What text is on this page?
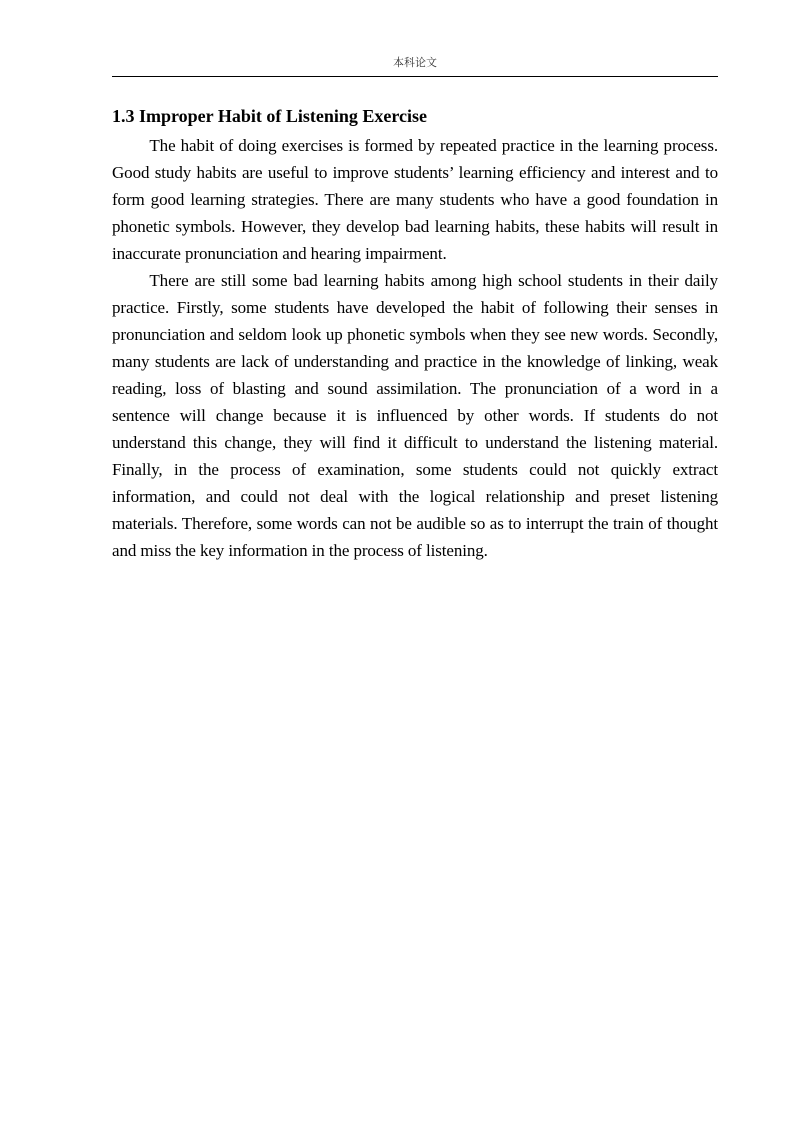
本科论文
1.3 Improper Habit of Listening Exercise

The habit of doing exercises is formed by repeated practice in the learning process. Good study habits are useful to improve students’ learning efficiency and interest and to form good learning strategies. There are many students who have a good foundation in phonetic symbols. However, they develop bad learning habits, these habits will result in inaccurate pronunciation and hearing impairment.

There are still some bad learning habits among high school students in their daily practice. Firstly, some students have developed the habit of following their senses in pronunciation and seldom look up phonetic symbols when they see new words. Secondly, many students are lack of understanding and practice in the knowledge of linking, weak reading, loss of blasting and sound assimilation. The pronunciation of a word in a sentence will change because it is influenced by other words. If students do not understand this change, they will find it difficult to understand the listening material. Finally, in the process of examination, some students could not quickly extract information, and could not deal with the logical relationship and preset listening materials. Therefore, some words can not be audible so as to interrupt the train of thought and miss the key information in the process of listening.
